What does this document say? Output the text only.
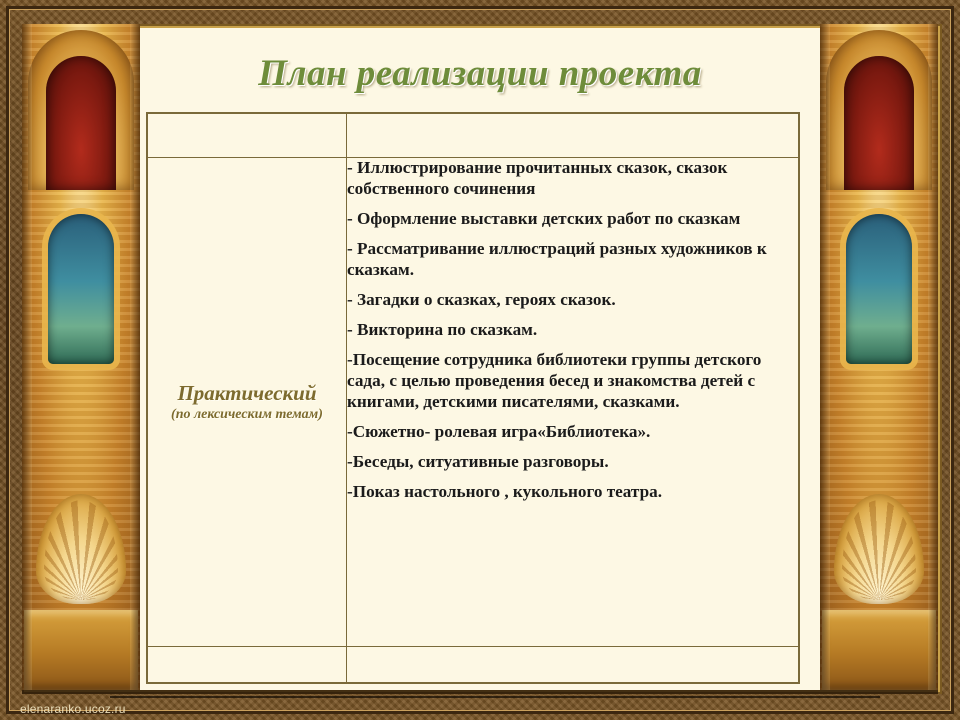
План реализации проекта

Практический
(по лексическим темам)

- Иллюстрирование прочитанных сказок, сказок собственного сочинения
- Оформление выставки детских работ по сказкам
- Рассматривание иллюстраций разных художников к сказкам.
- Загадки о сказках, героях сказок.
- Викторина по сказкам.
-Посещение сотрудника библиотеки группы детского сада, с целью проведения бесед и знакомства детей с книгами, детскими писателями, сказками.
-Сюжетно- ролевая игра«Библиотека».
-Беседы, ситуативные разговоры.
-Показ настольного , кукольного театра.

elenaranko.ucoz.ru
